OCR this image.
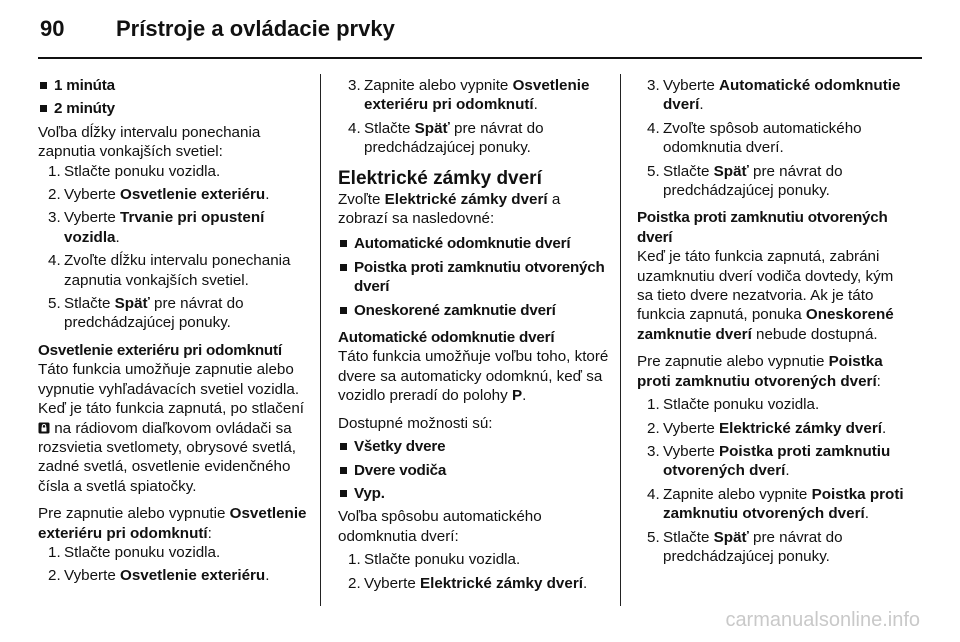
90 Prístroje a ovládacie prvky

1 minúta

2 minúty

Voľba dĺžky intervalu ponechania zapnutia vonkajších svetiel:

1. Stlačte ponuku vozidla.
2. Vyberte Osvetlenie exteriéru.
3. Vyberte Trvanie pri opustení vozidla.
4. Zvoľte dĺžku intervalu ponechania zapnutia vonkajších svetiel.
5. Stlačte Späť pre návrat do predchádzajúcej ponuky.

Osvetlenie exteriéru pri odomknutí

Táto funkcia umožňuje zapnutie alebo vypnutie vyhľadávacích svetiel vozidla. Keď je táto funkcia zapnutá, po stlačení  na rádiovom diaľkovom ovládači sa rozsvietia svetlomety, obrysové svetlá, zadné svetlá, osvetlenie evidenčného čísla a svetlá spiatočky.

Pre zapnutie alebo vypnutie Osvetlenie exteriéru pri odomknutí:

1. Stlačte ponuku vozidla.
2. Vyberte Osvetlenie exteriéru.
3. Zapnite alebo vypnite Osvetlenie exteriéru pri odomknutí.
4. Stlačte Späť pre návrat do predchádzajúcej ponuky.

Elektrické zámky dverí

Zvoľte Elektrické zámky dverí a zobrazí sa nasledovné:

Automatické odomknutie dverí

Poistka proti zamknutiu otvorených dverí

Oneskorené zamknutie dverí

Automatické odomknutie dverí

Táto funkcia umožňuje voľbu toho, ktoré dvere sa automaticky odomknú, keď sa vozidlo preradí do polohy P.

Dostupné možnosti sú:

Všetky dvere

Dvere vodiča

Vyp.

Voľba spôsobu automatického odomknutia dverí:

1. Stlačte ponuku vozidla.
2. Vyberte Elektrické zámky dverí.
3. Vyberte Automatické odomknutie dverí.
4. Zvoľte spôsob automatického odomknutia dverí.
5. Stlačte Späť pre návrat do predchádzajúcej ponuky.

Poistka proti zamknutiu otvorených dverí

Keď je táto funkcia zapnutá, zabráni uzamknutiu dverí vodiča dovtedy, kým sa tieto dvere nezatvoria. Ak je táto funkcia zapnutá, ponuka Oneskorené zamknutie dverí nebude dostupná.

Pre zapnutie alebo vypnutie Poistka proti zamknutiu otvorených dverí:

1. Stlačte ponuku vozidla.
2. Vyberte Elektrické zámky dverí.
3. Vyberte Poistka proti zamknutiu otvorených dverí.
4. Zapnite alebo vypnite Poistka proti zamknutiu otvorených dverí.
5. Stlačte Späť pre návrat do predchádzajúcej ponuky.
carmanualsonline.info
